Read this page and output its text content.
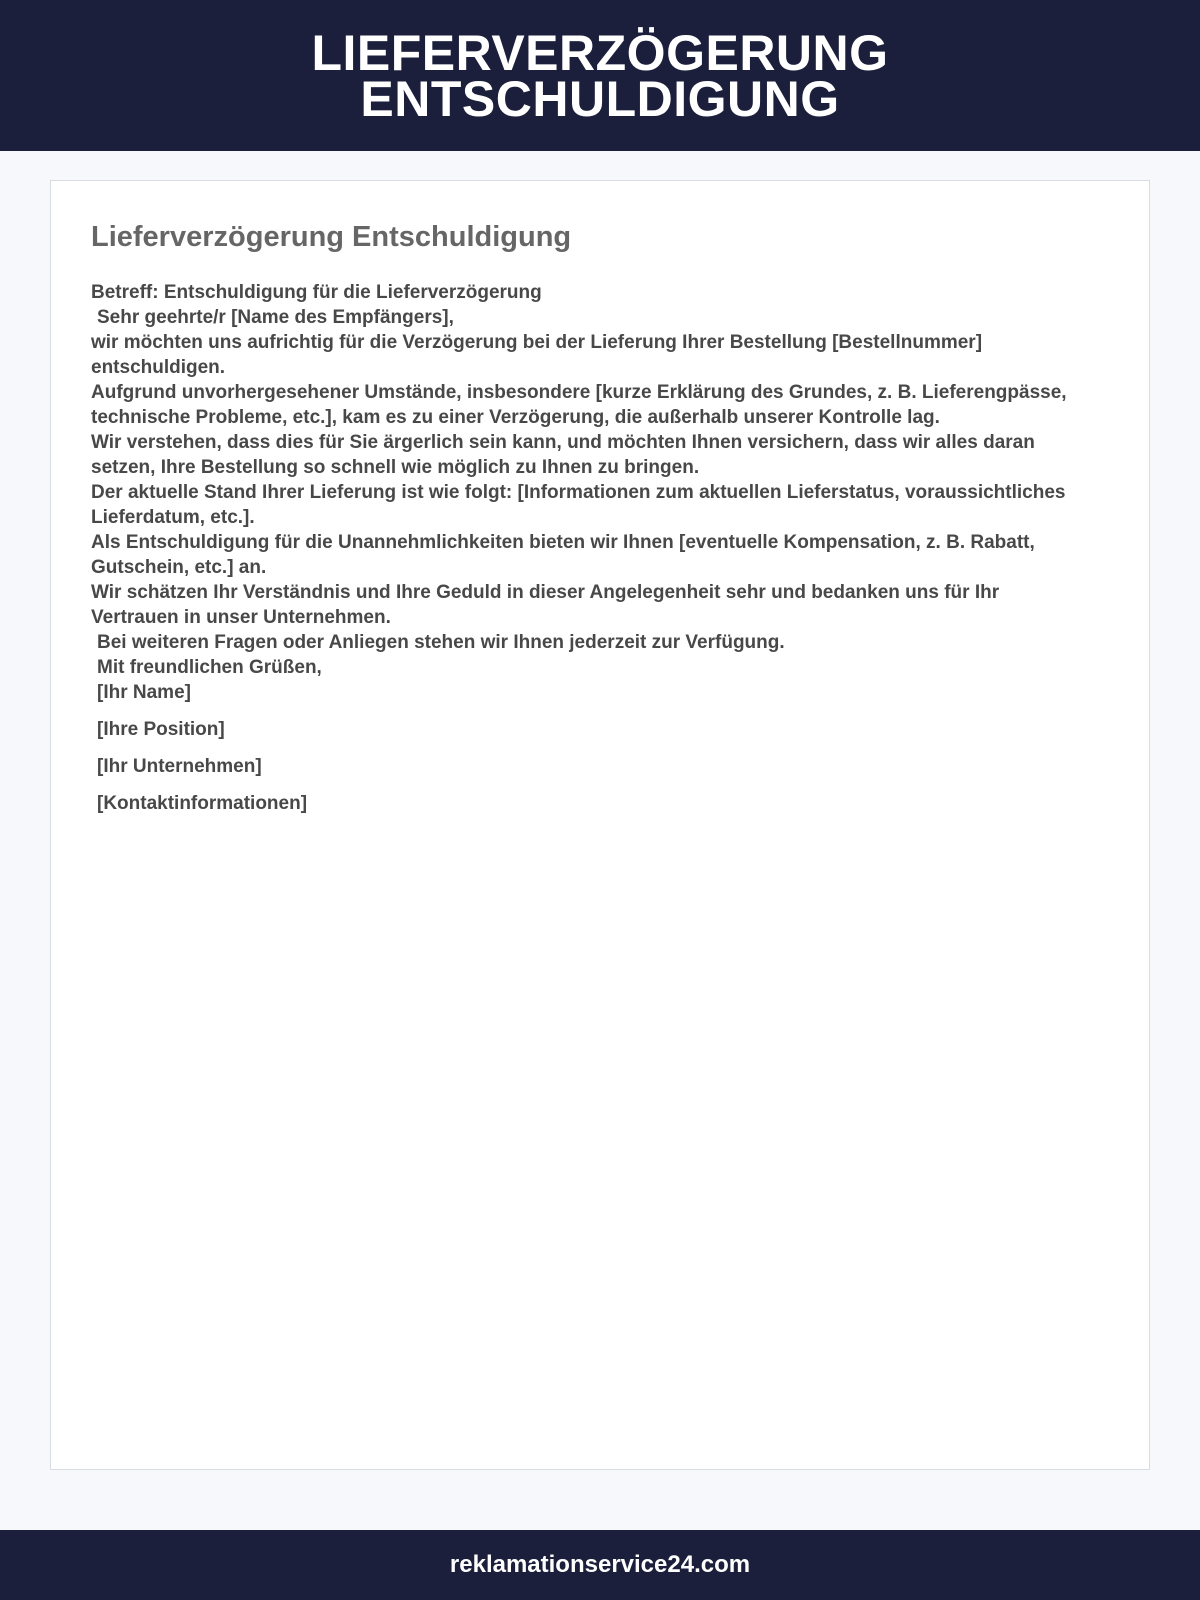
LIEFERVERZÖGERUNG ENTSCHULDIGUNG
Lieferverzögerung Entschuldigung

Betreff: Entschuldigung für die Lieferverzögerung

Sehr geehrte/r [Name des Empfängers],

wir möchten uns aufrichtig für die Verzögerung bei der Lieferung Ihrer Bestellung [Bestellnummer] entschuldigen.

Aufgrund unvorhergesehener Umstände, insbesondere [kurze Erklärung des Grundes, z. B. Lieferengpässe, technische Probleme, etc.], kam es zu einer Verzögerung, die außerhalb unserer Kontrolle lag.

Wir verstehen, dass dies für Sie ärgerlich sein kann, und möchten Ihnen versichern, dass wir alles daran setzen, Ihre Bestellung so schnell wie möglich zu Ihnen zu bringen.

Der aktuelle Stand Ihrer Lieferung ist wie folgt: [Informationen zum aktuellen Lieferstatus, voraussichtliches Lieferdatum, etc.].

Als Entschuldigung für die Unannehmlichkeiten bieten wir Ihnen [eventuelle Kompensation, z. B. Rabatt, Gutschein, etc.] an.

Wir schätzen Ihr Verständnis und Ihre Geduld in dieser Angelegenheit sehr und bedanken uns für Ihr Vertrauen in unser Unternehmen.

Bei weiteren Fragen oder Anliegen stehen wir Ihnen jederzeit zur Verfügung.

Mit freundlichen Grüßen,

[Ihr Name]

[Ihre Position]

[Ihr Unternehmen]

[Kontaktinformationen]

reklamationservice24.com
